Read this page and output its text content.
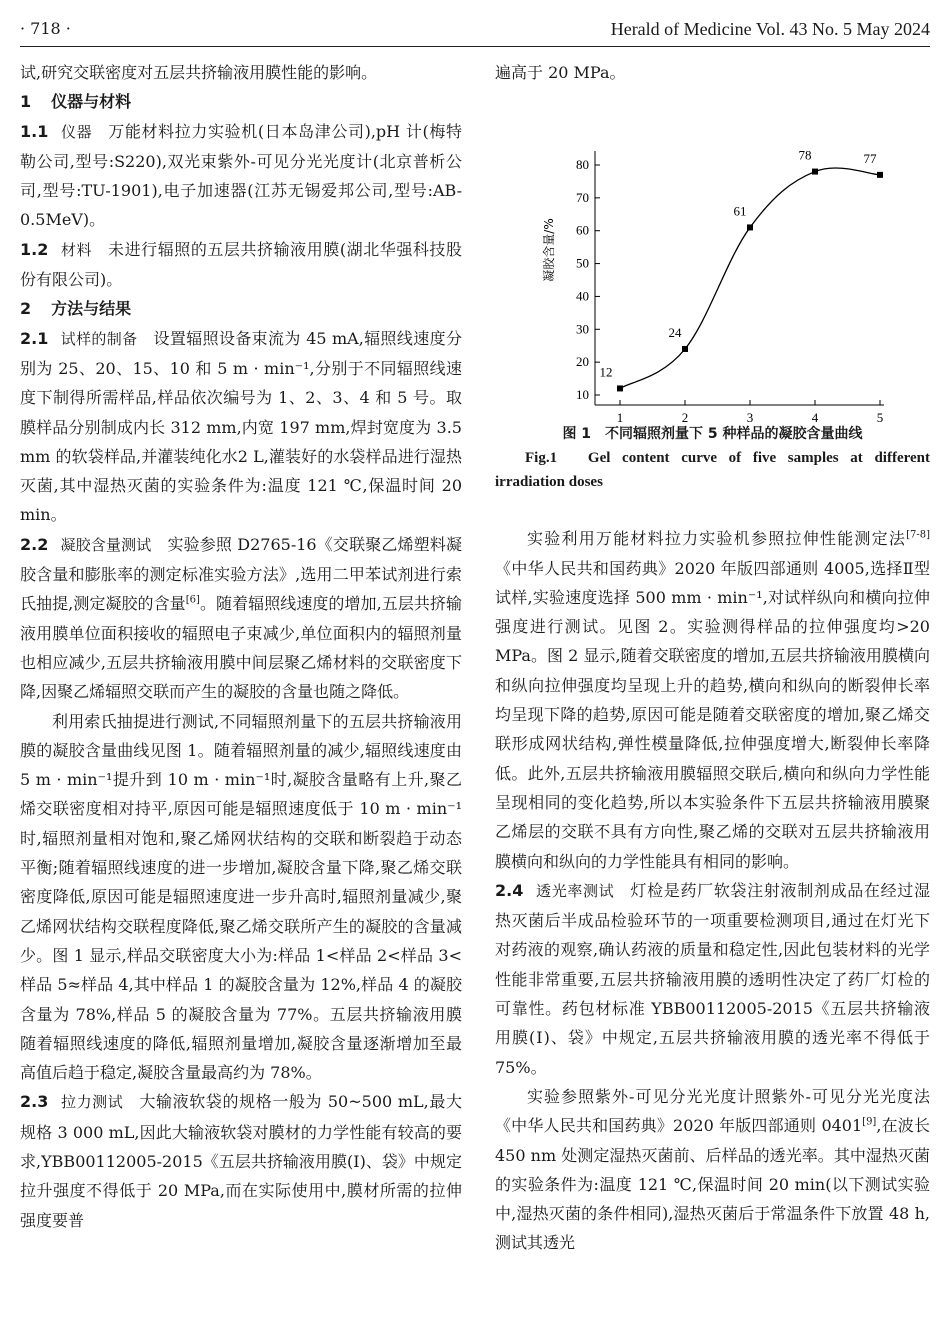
· 718 ·	Herald of Medicine Vol. 43 No. 5 May 2024

试,研究交联密度对五层共挤输液用膜性能的影响。

1 仪器与材料

1.1 仪器 万能材料拉力实验机(日本岛津公司),pH 计(梅特勒公司,型号:S220),双光束紫外-可见分光光度计(北京普析公司,型号:TU-1901),电子加速器(江苏无锡爱邦公司,型号:AB-0.5MeV)。

1.2 材料 未进行辐照的五层共挤输液用膜(湖北华强科技股份有限公司)。

2 方法与结果

2.1 试样的制备 设置辐照设备束流为 45 mA,辐照线速度分别为 25、20、15、10 和 5 m · min⁻¹,分别于不同辐照线速度下制得所需样品,样品依次编号为 1、2、3、4 和 5 号。取膜样品分别制成内长 312 mm,内宽 197 mm,焊封宽度为 3.5 mm 的软袋样品,并灌装纯化水2 L,灌装好的水袋样品进行湿热灭菌,其中湿热灭菌的实验条件为:温度 121 ℃,保温时间 20 min。

2.2 凝胶含量测试 实验参照 D2765-16《交联聚乙烯塑料凝胶含量和膨胀率的测定标准实验方法》,选用二甲苯试剂进行索氏抽提,测定凝胶的含量[6]。随着辐照线速度的增加,五层共挤输液用膜单位面积接收的辐照电子束减少,单位面积内的辐照剂量也相应减少,五层共挤输液用膜中间层聚乙烯材料的交联密度下降,因聚乙烯辐照交联而产生的凝胶的含量也随之降低。

利用索氏抽提进行测试,不同辐照剂量下的五层共挤输液用膜的凝胶含量曲线见图 1。随着辐照剂量的减少,辐照线速度由 5 m · min⁻¹提升到 10 m · min⁻¹时,凝胶含量略有上升,聚乙烯交联密度相对持平,原因可能是辐照速度低于 10 m · min⁻¹时,辐照剂量相对饱和,聚乙烯网状结构的交联和断裂趋于动态平衡;随着辐照线速度的进一步增加,凝胶含量下降,聚乙烯交联密度降低,原因可能是辐照速度进一步升高时,辐照剂量减少,聚乙烯网状结构交联程度降低,聚乙烯交联所产生的凝胶的含量减少。图 1 显示,样品交联密度大小为:样品 1<样品 2<样品 3<样品 5≈样品 4,其中样品 1 的凝胶含量为 12%,样品 4 的凝胶含量为 78%,样品 5 的凝胶含量为 77%。五层共挤输液用膜随着辐照线速度的降低,辐照剂量增加,凝胶含量逐渐增加至最高值后趋于稳定,凝胶含量最高约为 78%。

2.3 拉力测试 大输液软袋的规格一般为 50~500 mL,最大规格 3 000 mL,因此大输液软袋对膜材的力学性能有较高的要求,YBB00112005-2015《五层共挤输液用膜(Ⅰ)、袋》中规定拉升强度不得低于 20 MPa,而在实际使用中,膜材所需的拉伸强度要普

遍高于 20 MPa。

10
20
30
40
50
60
70
80
1	2	3	4	5
凝胶含量/%
12
24
61
78	77

图 1　不同辐照剂量下 5 种样品的凝胶含量曲线

Fig.1　Gel content curve of five samples at different irradiation doses

实验利用万能材料拉力实验机参照拉伸性能测定法[7-8]《中华人民共和国药典》2020 年版四部通则 4005,选择Ⅱ型试样,实验速度选择 500 mm · min⁻¹,对试样纵向和横向拉伸强度进行测试。见图 2。实验测得样品的拉伸强度均>20 MPa。图 2 显示,随着交联密度的增加,五层共挤输液用膜横向和纵向拉伸强度均呈现上升的趋势,横向和纵向的断裂伸长率均呈现下降的趋势,原因可能是随着交联密度的增加,聚乙烯交联形成网状结构,弹性模量降低,拉伸强度增大,断裂伸长率降低。此外,五层共挤输液用膜辐照交联后,横向和纵向力学性能呈现相同的变化趋势,所以本实验条件下五层共挤输液用膜聚乙烯层的交联不具有方向性,聚乙烯的交联对五层共挤输液用膜横向和纵向的力学性能具有相同的影响。

2.4 透光率测试 灯检是药厂软袋注射液制剂成品在经过湿热灭菌后半成品检验环节的一项重要检测项目,通过在灯光下对药液的观察,确认药液的质量和稳定性,因此包装材料的光学性能非常重要,五层共挤输液用膜的透明性决定了药厂灯检的可靠性。药包材标准 YBB00112005-2015《五层共挤输液用膜(Ⅰ)、袋》中规定,五层共挤输液用膜的透光率不得低于 75%。

实验参照紫外-可见分光光度计照紫外-可见分光光度法《中华人民共和国药典》2020 年版四部通则 0401[9],在波长 450 nm 处测定湿热灭菌前、后样品的透光率。其中湿热灭菌的实验条件为:温度 121 ℃,保温时间 20 min(以下测试实验中,湿热灭菌的条件相同),湿热灭菌后于常温条件下放置 48 h,测试其透光
